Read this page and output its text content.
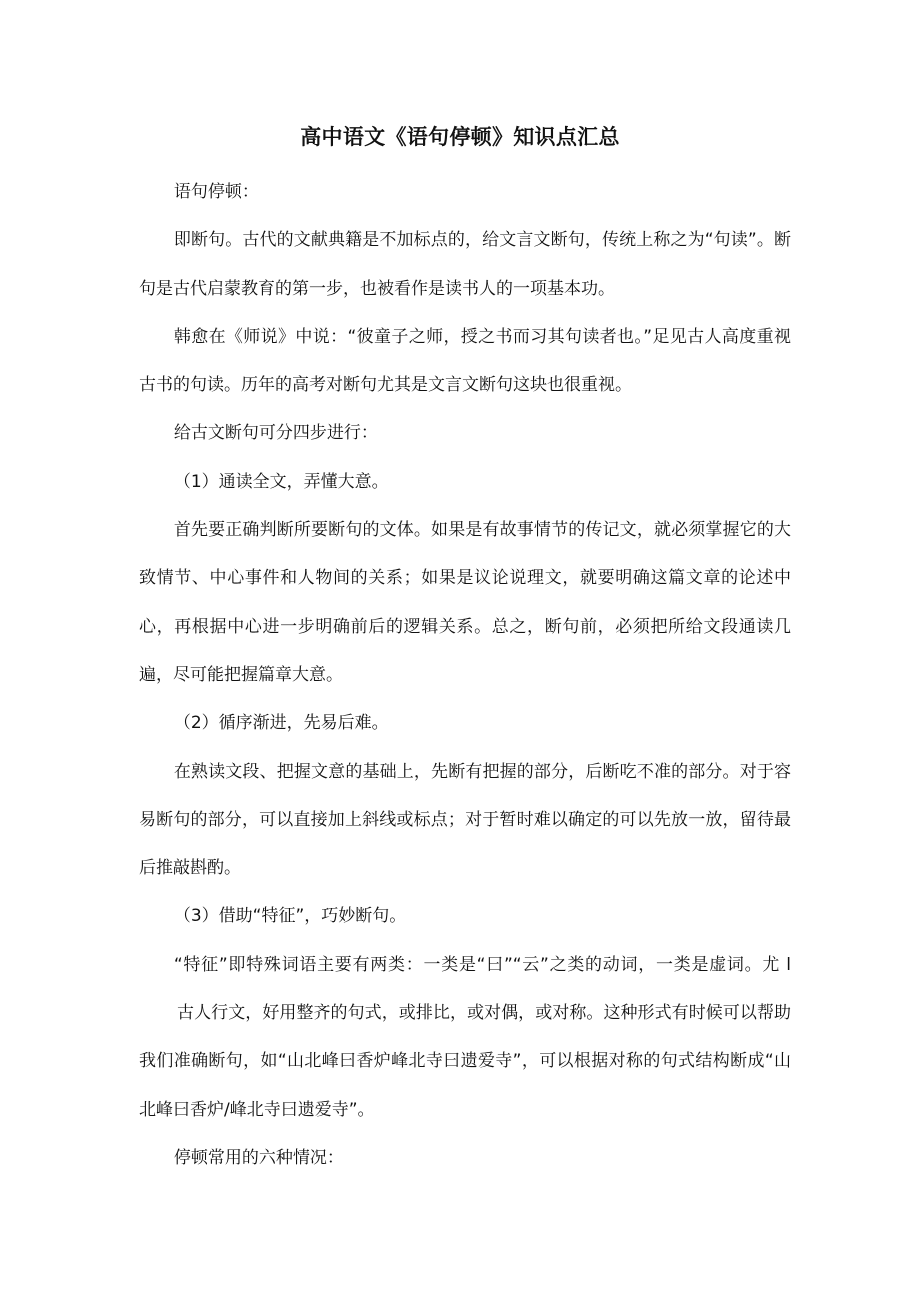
高中语文《语句停顿》知识点汇总

语句停顿：

即断句。古代的文献典籍是不加标点的，给文言文断句，传统上称之为“句读”。断句是古代启蒙教育的第一步，也被看作是读书人的一项基本功。

韩愈在《师说》中说：“彼童子之师，授之书而习其句读者也。”足见古人高度重视古书的句读。历年的高考对断句尤其是文言文断句这块也很重视。

给古文断句可分四步进行：

（1）通读全文，弄懂大意。

首先要正确判断所要断句的文体。如果是有故事情节的传记文，就必须掌握它的大致情节、中心事件和人物间的关系；如果是议论说理文，就要明确这篇文章的论述中心，再根据中心进一步明确前后的逻辑关系。总之，断句前，必须把所给文段通读几遍，尽可能把握篇章大意。

（2）循序渐进，先易后难。

在熟读文段、把握文意的基础上，先断有把握的部分，后断吃不准的部分。对于容易断句的部分，可以直接加上斜线或标点；对于暂时难以确定的可以先放一放，留待最后推敲斟酌。

（3）借助“特征”，巧妙断句。

“特征”即特殊词语主要有两类：一类是“曰”“云”之类的动词，一类是虚词。尤 l古人行文，好用整齐的句式，或排比，或对偶，或对称。这种形式有时候可以帮助我们准确断句，如“山北峰曰香炉峰北寺曰遗爱寺”，可以根据对称的句式结构断成“山北峰曰香炉/峰北寺曰遗爱寺”。

停顿常用的六种情况：
